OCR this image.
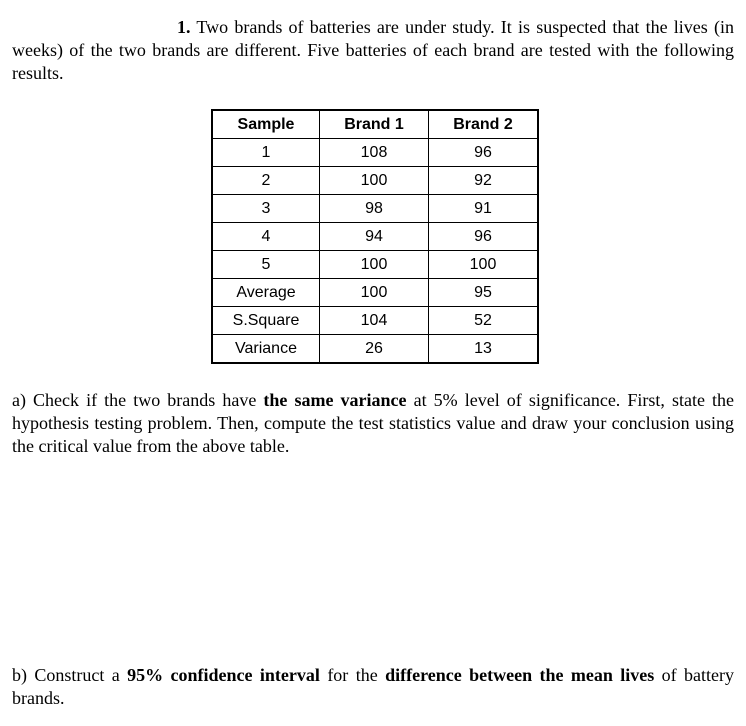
1. Two brands of batteries are under study. It is suspected that the lives (in weeks) of the two brands are different. Five batteries of each brand are tested with the following results.
Sample	Brand 1	Brand 2
1	108	96
2	100	92
3	98	91
4	94	96
5	100	100
Average	100	95
S.Square	104	52
Variance	26	13
a) Check if the two brands have the same variance at 5% level of significance. First, state the hypothesis testing problem. Then, compute the test statistics value and draw your conclusion using the critical value from the above table.
b) Construct a 95% confidence interval for the difference between the mean lives of battery brands.
